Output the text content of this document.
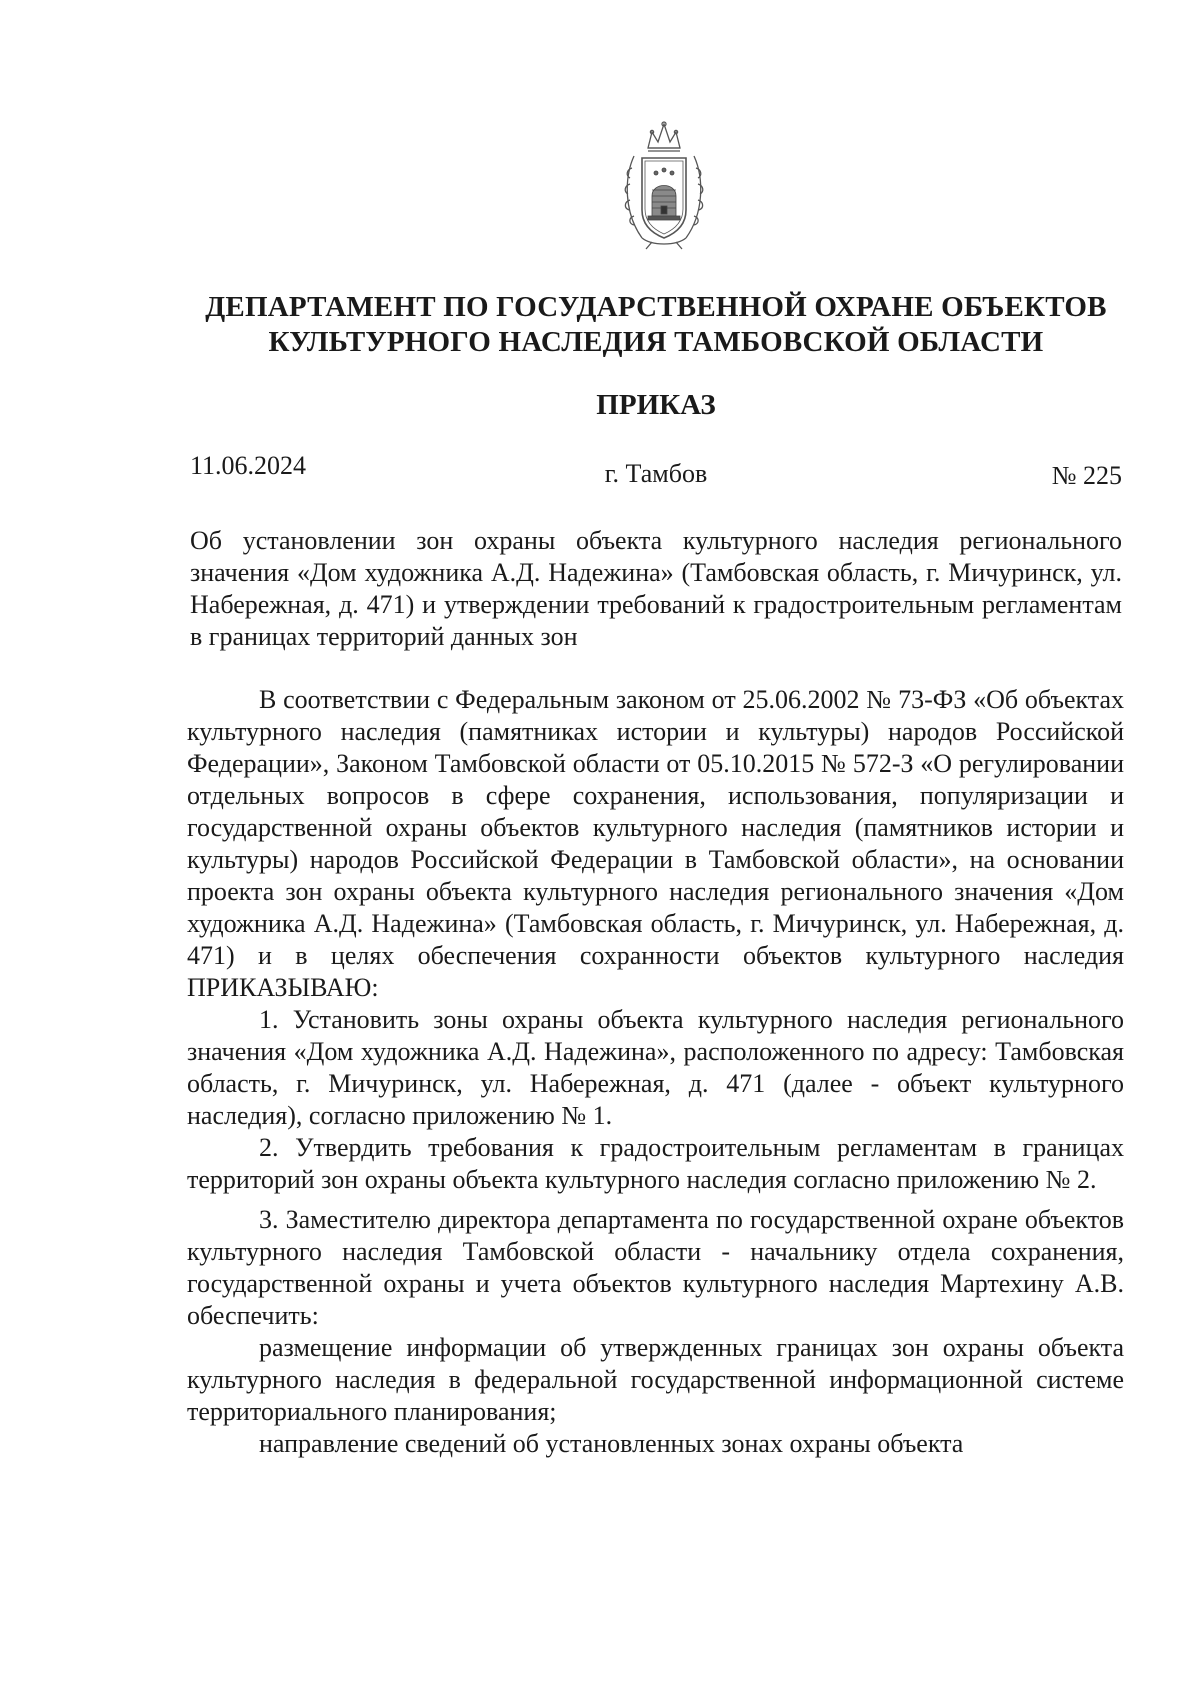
ДЕПАРТАМЕНТ ПО ГОСУДАРСТВЕННОЙ ОХРАНЕ ОБЪЕКТОВ
КУЛЬТУРНОГО НАСЛЕДИЯ ТАМБОВСКОЙ ОБЛАСТИ
ПРИКАЗ
11.06.2024	г. Тамбов	№ 225
Об установлении зон охраны объекта культурного наследия регионального значения «Дом художника А.Д. Надежина» (Тамбовская область, г. Мичуринск, ул. Набережная, д. 471) и утверждении требований к градостроительным регламентам в границах территорий данных зон

В соответствии с Федеральным законом от 25.06.2002 № 73-ФЗ «Об объектах культурного наследия (памятниках истории и культуры) народов Российской Федерации», Законом Тамбовской области от 05.10.2015 № 572-З «О регулировании отдельных вопросов в сфере сохранения, использования, популяризации и государственной охраны объектов культурного наследия (памятников истории и культуры) народов Российской Федерации в Тамбовской области», на основании проекта зон охраны объекта культурного наследия регионального значения «Дом художника А.Д. Надежина» (Тамбовская область, г. Мичуринск, ул. Набережная, д. 471) и в целях обеспечения сохранности объектов культурного наследия ПРИКАЗЫВАЮ:

1. Установить зоны охраны объекта культурного наследия регионального значения «Дом художника А.Д. Надежина», расположенного по адресу: Тамбовская область, г. Мичуринск, ул. Набережная, д. 471 (далее - объект культурного наследия), согласно приложению № 1.

2. Утвердить требования к градостроительным регламентам в границах территорий зон охраны объекта культурного наследия согласно приложению № 2.

3. Заместителю директора департамента по государственной охране объектов культурного наследия Тамбовской области - начальнику отдела сохранения, государственной охраны и учета объектов культурного наследия Мартехину А.В. обеспечить:

размещение информации об утвержденных границах зон охраны объекта культурного наследия в федеральной государственной информационной системе территориального планирования;

направление сведений об установленных зонах охраны объекта
